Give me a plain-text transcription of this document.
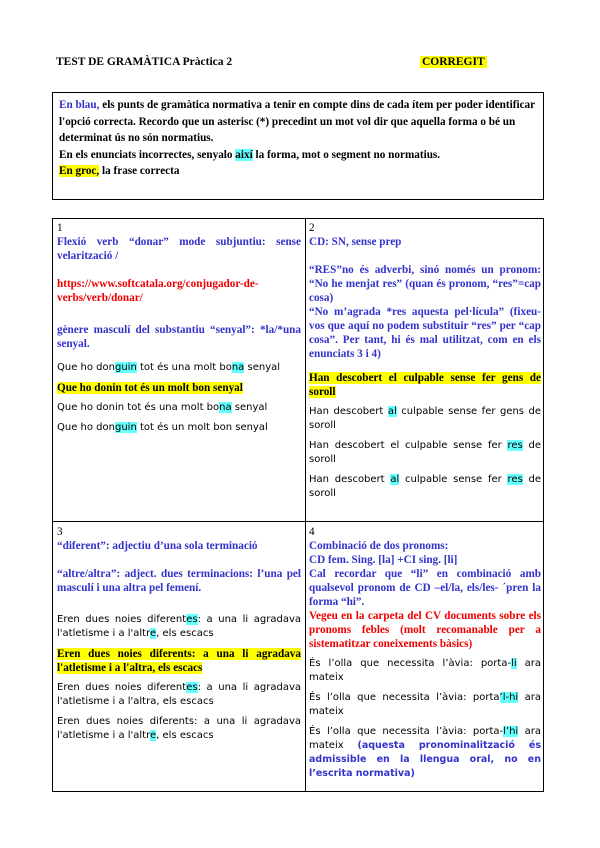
TEST DE GRAMÀTICA Pràctica 2	CORREGIT

En blau, els punts de gramàtica normativa a tenir en compte dins de cada ítem per poder identificar l'opció correcta. Recordo que un asterisc (*) precedint un mot vol dir que aquella forma o bé un determinat ús no són normatius.

En els enunciats incorrectes, senyalo així la forma, mot o segment no normatius.

En groc, la frase correcta

1

Flexió verb “donar” mode subjuntiu: sense velarització /

https://www.softcatala.org/conjugador-de-verbs/verb/donar/

gènere masculí del substantiu “senyal”: *la/*una senyal.

Que ho donguin tot és una molt bona senyal

Que ho donin tot és un molt bon senyal

Que ho donin tot és una molt bona senyal

Que ho donguin tot és un molt bon senyal

2

CD: SN, sense prep

“RES”no és adverbi, sinó només un pronom: “No he menjat res” (quan és pronom, “res”=cap cosa)

“No m’agrada *res aquesta pel·lícula” (fixeu-vos que aquí no podem substituir “res” per “cap cosa”. Per tant, hi és mal utilitzat, com en els enunciats 3 i 4)

Han descobert el culpable sense fer gens de soroll

Han descobert al culpable sense fer gens de soroll

Han descobert el culpable sense fer res de soroll

Han descobert al culpable sense fer res de soroll

3

“diferent”: adjectiu d’una sola terminació

“altre/altra”: adject. dues terminacions: l’una pel masculí i una altra pel femení.

Eren dues noies diferentes: a una li agradava l'atletisme i a l'altre, els escacs

Eren dues noies diferents: a una li agradava l'atletisme i a l'altra, els escacs

Eren dues noies diferentes: a una li agradava l'atletisme i a l'altra, els escacs

Eren dues noies diferents: a una li agradava l'atletisme i a l'altre, els escacs

4

Combinació de dos pronoms:

CD fem. Sing. [la] +CI sing. [li]

Cal recordar que “li” en combinació amb qualsevol pronom de CD –el/la, els/les- ´pren la forma “hi”.

Vegeu en la carpeta del CV documents sobre els pronoms febles (molt recomanable per a sistematitzar coneixements bàsics)

És l’olla que necessita l’àvia: porta-li ara mateix

És l’olla que necessita l’àvia: porta’l-hi ara mateix

És l’olla que necessita l’àvia: porta-l’hi ara mateix (aquesta pronominalització és admissible en la llengua oral, no en l’escrita normativa)
